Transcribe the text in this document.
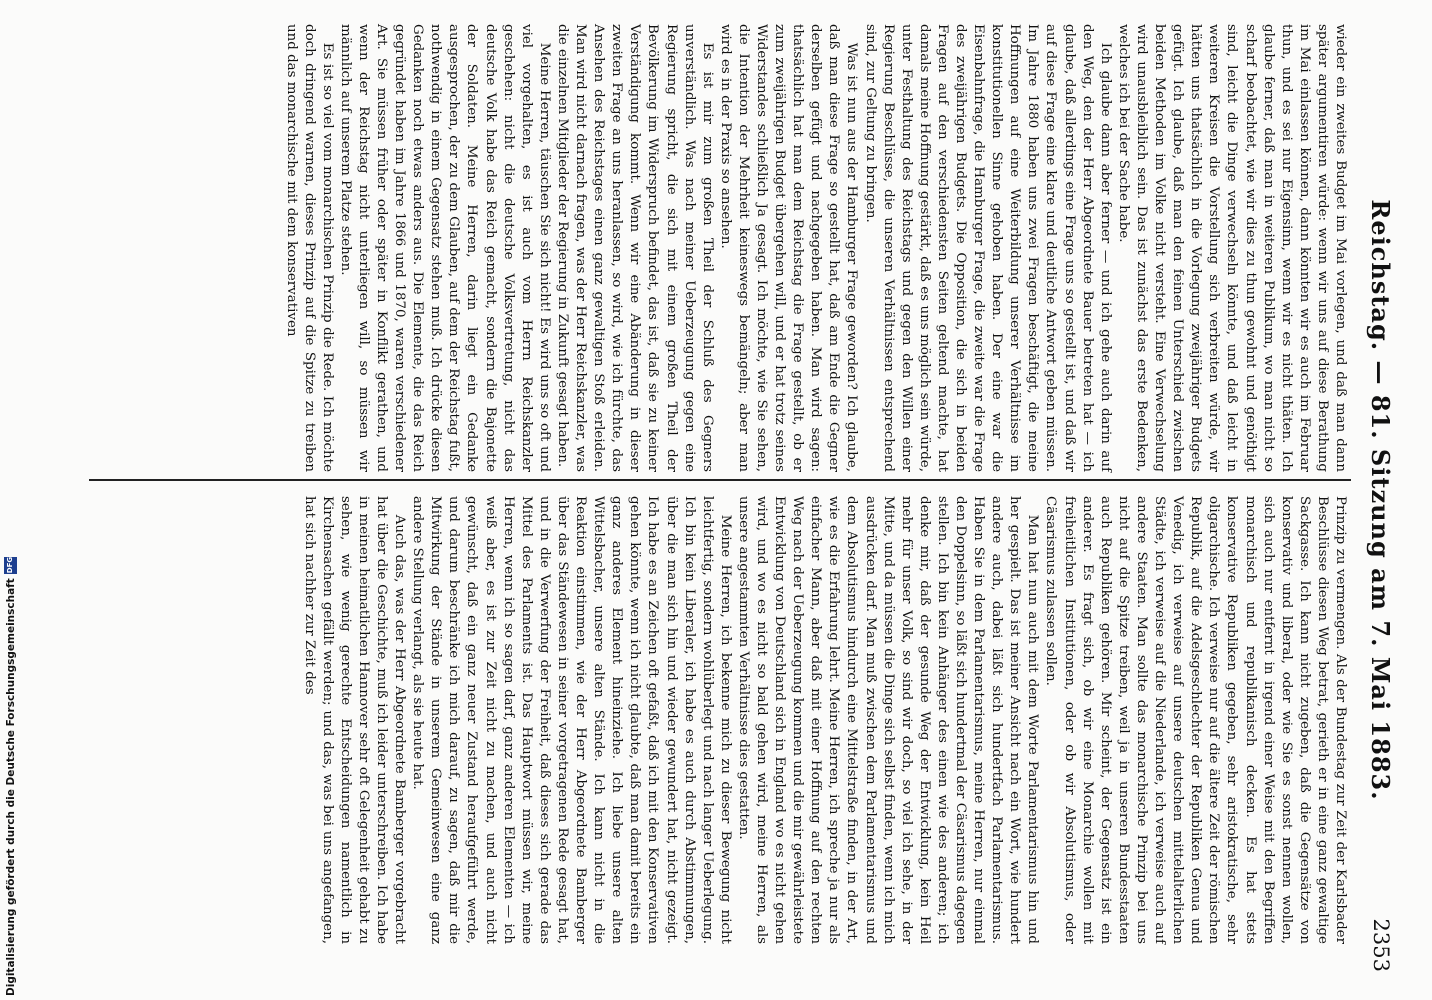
Reichstag. — 81. Sitzung am 7. Mai 1883.
2353

wieder ein zweites Budget im Mai vorlegen, und daß man dann später argumentiren würde: wenn wir uns auf diese Berathung im Mai einlassen können, dann könnten wir es auch im Februar thun, und es sei nur Eigensinn, wenn wir es nicht thäten. Ich glaube ferner, daß man in weiteren Publikum, wo man nicht so scharf beobachtet, wie wir dies zu thun gewohnt und genöthigt sind, leicht die Dinge verwechseln könnte, und daß leicht in weiteren Kreisen die Vorstellung sich verbreiten würde, wir hätten uns thatsächlich in die Vorlegung zweijähriger Budgets gefügt. Ich glaube, daß man den feinen Unterschied zwischen beiden Methoden im Volke nicht versteht. Eine Verwechselung wird unausbleiblich sein. Das ist zunächst das erste Bedenken, welches ich bei der Sache habe.

Ich glaube dann aber ferner — und ich gehe auch darin auf den Weg, den der Herr Abgeordnete Bauer betreten hat — ich glaube, daß allerdings eine Frage uns so gestellt ist, und daß wir auf diese Frage eine klare und deutliche Antwort geben müssen. Im Jahre 1880 haben uns zwei Fragen beschäftigt, die meine Hoffnungen auf eine Weiterbildung unserer Verhältnisse im konstitutionellen Sinne gehoben haben. Der eine war die Eisenbahnfrage, die Hamburger Frage, die zweite war die Frage des zweijährigen Budgets. Die Opposition, die sich in beiden Fragen auf den verschiedensten Seiten geltend machte, hat damals meine Hoffnung gestärkt, daß es uns möglich sein würde, unter Festhaltung des Reichstags und gegen den Willen einer Regierung Beschlüsse, die unseren Verhältnissen entsprechend sind, zur Geltung zu bringen.

Was ist nun aus der Hamburger Frage geworden? Ich glaube, daß man diese Frage so gestellt hat, daß am Ende die Gegner derselben gefügt und nachgegeben haben. Man wird sagen: thatsächlich hat man dem Reichstag die Frage gestellt, ob er zum zweijährigen Budget übergehen will, und er hat trotz seines Widerstandes schließlich Ja gesagt. Ich möchte, wie Sie sehen, die Intention der Mehrheit keineswegs bemängeln; aber man wird es in der Praxis so ansehen.

Es ist mir zum großen Theil der Schluß des Gegners unverständlich. Was nach meiner Ueberzeugung gegen eine Regierung spricht, die sich mit einem großen Theil der Bevölkerung im Widerspruch befindet, das ist, daß sie zu keiner Verständigung kommt. Wenn wir eine Abänderung in dieser zweiten Frage an uns heranlassen, so wird, wie ich fürchte, das Ansehen des Reichstages einen ganz gewaltigen Stoß erleiden. Man wird nicht darnach fragen, was der Herr Reichskanzler, was die einzelnen Mitglieder der Regierung in Zukunft gesagt haben.

Meine Herren, täuschen Sie sich nicht! Es wird uns so oft und viel vorgehalten, es ist auch vom Herrn Reichskanzler geschehen: nicht die deutsche Volksvertretung, nicht das deutsche Volk habe das Reich gemacht, sondern die Bajonette der Soldaten. Meine Herren, darin liegt ein Gedanke ausgesprochen, der zu dem Glauben, auf dem der Reichstag fußt, nothwendig in einem Gegensatz stehen muß. Ich drücke diesen Gedanken noch etwas anders aus. Die Elemente, die das Reich gegründet haben im Jahre 1866 und 1870, waren verschiedener Art. Sie müssen früher oder später in Konflikt gerathen, und wenn der Reichstag nicht unterliegen will, so müssen wir männlich auf unserem Platze stehen.

Es ist so viel vom monarchischen Prinzip die Rede. Ich möchte doch dringend warnen, dieses Prinzip auf die Spitze zu treiben und das monarchische mit dem konservativen

Prinzip zu vermengen. Als der Bundestag zur Zeit der Karlsbader Beschlüsse diesen Weg betrat, gerieth er in eine ganz gewaltige Sackgasse. Ich kann nicht zugeben, daß die Gegensätze von konservativ und liberal, oder wie Sie es sonst nennen wollen, sich auch nur entfernt in irgend einer Weise mit den Begriffen monarchisch und republikanisch decken. Es hat stets konservative Republiken gegeben, sehr aristokratische, sehr oligarchische. Ich verweise nur auf die ältere Zeit der römischen Republik, auf die Adelsgeschlechter der Republiken Genua und Venedig, ich verweise auf unsere deutschen mittelalterlichen Städte, ich verweise auf die Niederlande, ich verweise auch auf andere Staaten. Man sollte das monarchische Prinzip bei uns nicht auf die Spitze treiben, weil ja in unseren Bundesstaaten auch Republiken gehören. Mir scheint, der Gegensatz ist ein anderer. Es fragt sich, ob wir eine Monarchie wollen mit freiheitlichen Institutionen, oder ob wir Absolutismus, oder Cäsarismus zulassen sollen.

Man hat nun auch mit dem Worte Parlamentarismus hin und her gespielt. Das ist meiner Ansicht nach ein Wort, wie hundert andere auch, dabei läßt sich hundertfach Parlamentarismus. Haben Sie in dem Parlamentarismus, meine Herren, nur einmal den Doppelsinn, so läßt sich hundertmal der Cäsarismus dagegen stellen. Ich bin kein Anhänger des einen wie des anderen; ich denke mir, daß der gesunde Weg der Entwicklung, kein Heil mehr für unser Volk, so sind wir doch, so viel ich sehe, in der Mitte, und da müssen die Dinge sich selbst finden, wenn ich mich ausdrücken darf. Man muß zwischen dem Parlamentarismus und dem Absolutismus hindurch eine Mittelstraße finden, in der Art, wie es die Erfahrung lehrt. Meine Herren, ich spreche ja nur als einfacher Mann, aber daß mit einer Hoffnung auf den rechten Weg nach der Ueberzeugung kommen und die mir gewährleistete Entwicklung von Deutschland sich in England wo es nicht gehen wird, und wo es nicht so bald gehen wird, meine Herren, als unsere angestammten Verhältnisse dies gestatten.

Meine Herren, ich bekenne mich zu dieser Bewegung nicht leichtfertig, sondern wohlüberlegt und nach langer Ueberlegung. Ich bin kein Liberaler, ich habe es auch durch Abstimmungen, über die man sich hin und wieder gewundert hat, nicht gezeigt. Ich habe es an Zeichen oft gefaßt, daß ich mit den Konservativen gehen könnte, wenn ich nicht glaubte, daß man damit bereits ein ganz anderes Element hineinziehe. Ich liebe unsere alten Wittelsbacher, unsere alten Stände. Ich kann nicht in die Reaktion einstimmen, wie der Herr Abgeordnete Bamberger über das Ständewesen in seiner vorgetragenen Rede gesagt hat, und in die Verwerfung der Freiheit, daß dieses sich gerade das Mittel des Parlaments ist. Das Hauptwort müssen wir, meine Herren, wenn ich so sagen darf, ganz anderen Elementen — ich weiß aber, es ist zur Zeit nicht zu machen, und auch nicht gewünscht, daß ein ganz neuer Zustand heraufgeführt werde, und darum beschränke ich mich darauf, zu sagen, daß mir die Mitwirkung der Stände in unserem Gemeinwesen eine ganz andere Stellung verlangt, als sie heute hat.

Auch das, was der Herr Abgeordnete Bamberger vorgebracht hat über die Geschichte, muß ich leider unterschreiben. Ich habe in meinen heimatlichen Hannover sehr oft Gelegenheit gehabt zu sehen, wie wenig gerechte Entscheidungen namentlich in Kirchensachen gefällt werden; und das, was bei uns angefangen, hat sich nachher zur Zeit des

Digitalisierung gefördert durch die Deutsche Forschungsgemeinschaft
DFG
